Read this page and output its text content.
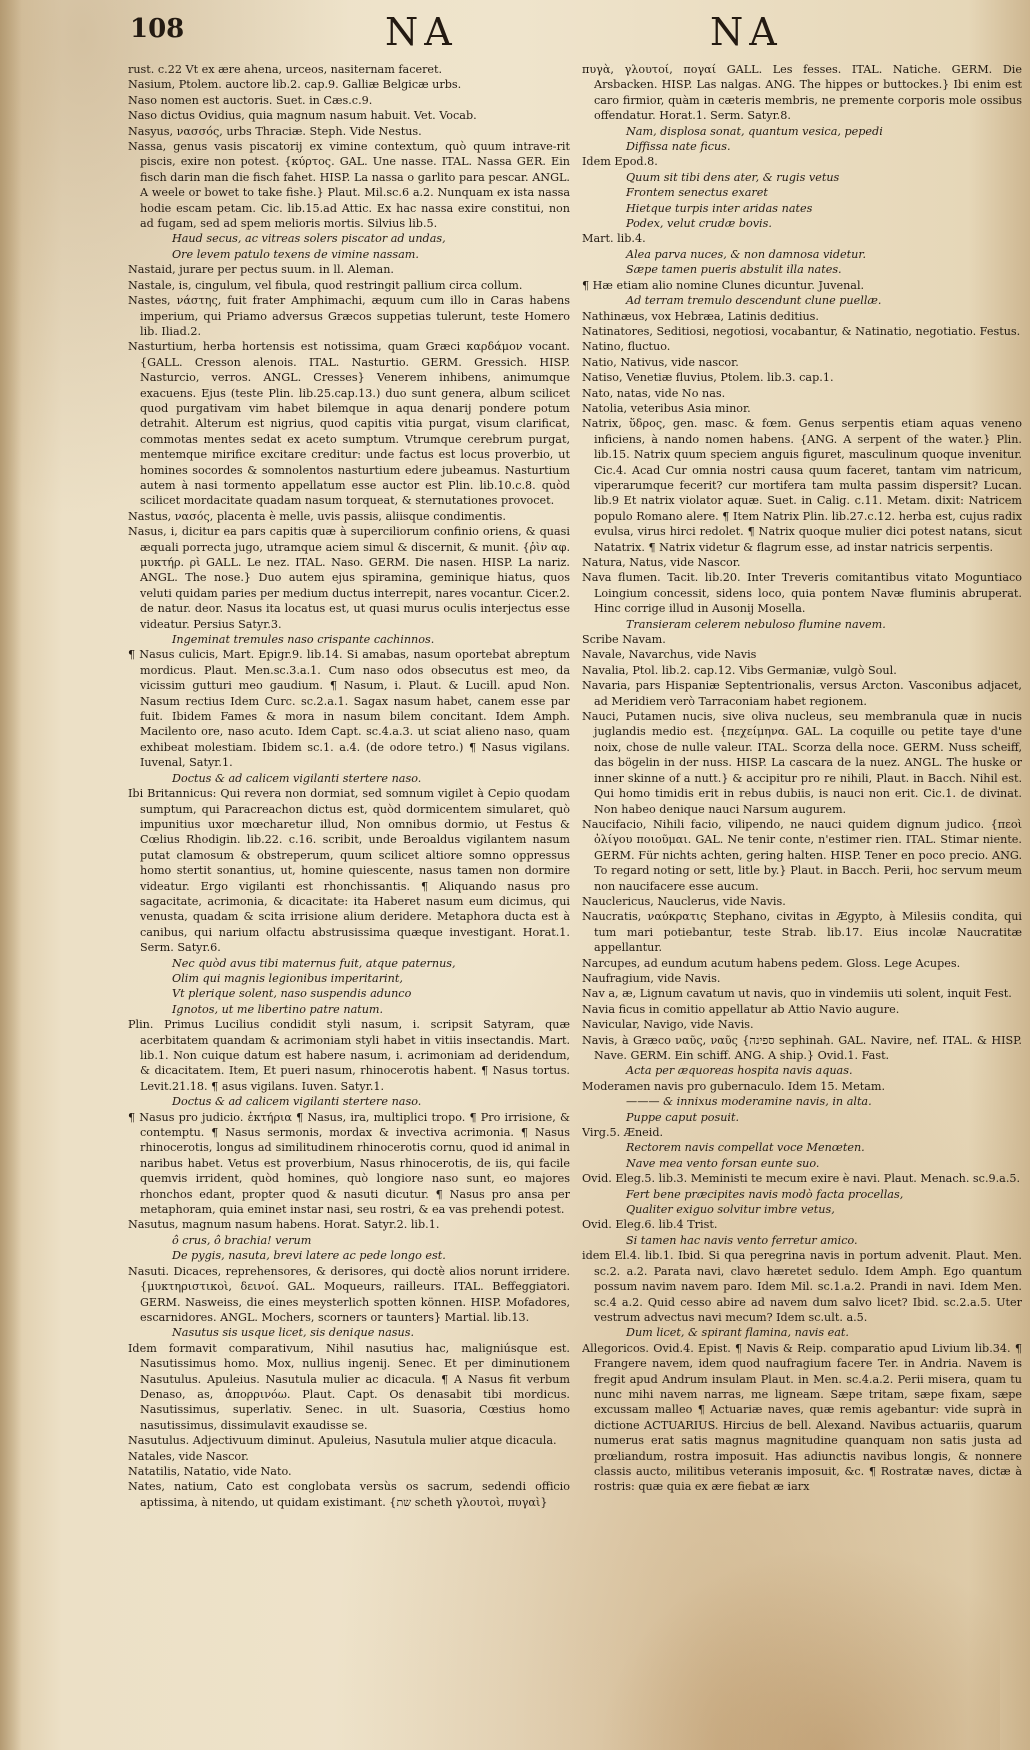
108	NA	NA

rust. c.22 Vt ex ære ahena, urceos, nasiternam faceret.

Nasium, Ptolem. auctore lib.2. cap.9. Galliæ Belgicæ urbs.

Naso nomen est auctoris. Suet. in Cæs.c.9.

Naso dictus Ovidius, quia magnum nasum habuit. Vet. Vocab.

Nasyus, νασσός, urbs Thraciæ. Steph. Vide Nestus.

Nassa, genus vasis piscatorij ex vimine contextum, quò quum intrave-rit piscis, exire non potest. {κύρτος. GAL. Une nasse. ITAL. Nassa GER. Ein fisch darin man die fisch fahet. HISP. La nassa o garlito para pescar. ANGL. A weele or bowet to take fishe.} Plaut. Mil.sc.6 a.2. Nunquam ex ista nassa hodie escam petam. Cic. lib.15.ad Attic. Ex hac nassa exire constitui, non ad fugam, sed ad spem melioris mortis. Silvius lib.5.

Haud secus, ac vitreas solers piscator ad undas,

Ore levem patulo texens de vimine nassam.

Nastaid, jurare per pectus suum. in ll. Aleman.

Nastale, is, cingulum, vel fibula, quod restringit pallium circa collum.

Nastes, νάστης, fuit frater Amphimachi, æquum cum illo in Caras habens imperium, qui Priamo adversus Græcos suppetias tulerunt, teste Homero lib. Iliad.2.

Nasturtium, herba hortensis est notissima, quam Græci καρδάμον vocant. {GALL. Cresson alenois. ITAL. Nasturtio. GERM. Gressich. HISP. Nasturcio, verros. ANGL. Cresses} Venerem inhibens, animumque exacuens. Ejus (teste Plin. lib.25.cap.13.) duo sunt genera, album scilicet quod purgativam vim habet bilemque in aqua denarij pondere potum detrahit. Alterum est nigrius, quod capitis vitia purgat, visum clarificat, commotas mentes sedat ex aceto sumptum. Vtrumque cerebrum purgat, mentemque mirifice excitare creditur: unde factus est locus proverbio, ut homines socordes & somnolentos nasturtium edere jubeamus. Nasturtium autem à nasi tormento appellatum esse auctor est Plin. lib.10.c.8. quòd scilicet mordacitate quadam nasum torqueat, & sternutationes provocet.

Nastus, νασός, placenta è melle, uvis passis, aliisque condimentis.

Nasus, i, dicitur ea pars capitis quæ à superciliorum confinio oriens, & quasi æquali porrecta jugo, utramque aciem simul & discernit, & munit. {ῥὶν αφ. μυκτήρ. ρὶ GALL. Le nez. ITAL. Naso. GERM. Die nasen. HISP. La nariz. ANGL. The nose.} Duo autem ejus spiramina, geminique hiatus, quos veluti quidam paries per medium ductus interrepit, nares vocantur. Cicer.2. de natur. deor. Nasus ita locatus est, ut quasi murus oculis interjectus esse videatur. Persius Satyr.3.

Ingeminat tremules naso crispante cachinnos.

¶ Nasus culicis, Mart. Epigr.9. lib.14. Si amabas, nasum oportebat abreptum mordicus. Plaut. Men.sc.3.a.1. Cum naso odos obsecutus est meo, da vicissim gutturi meo gaudium. ¶ Nasum, i. Plaut. & Lucill. apud Non. Nasum rectius Idem Curc. sc.2.a.1. Sagax nasum habet, canem esse par fuit. Ibidem Fames & mora in nasum bilem concitant. Idem Amph. Macilento ore, naso acuto. Idem Capt. sc.4.a.3. ut sciat alieno naso, quam exhibeat molestiam. Ibidem sc.1. a.4. (de odore tetro.) ¶ Nasus vigilans. Iuvenal, Satyr.1.

Doctus & ad calicem vigilanti stertere naso.

Ibi Britannicus: Qui revera non dormiat, sed somnum vigilet à Cepio quodam sumptum, qui Paracreachon dictus est, quòd dormicentem simularet, quò impunitius uxor mœcharetur illud, Non omnibus dormio, ut Festus & Cœlius Rhodigin. lib.22. c.16. scribit, unde Beroaldus vigilantem nasum putat clamosum & obstreperum, quum scilicet altiore somno oppressus homo stertit sonantius, ut, homine quiescente, nasus tamen non dormire videatur. Ergo vigilanti est rhonchissantis. ¶ Aliquando nasus pro sagacitate, acrimonia, & dicacitate: ita Haberet nasum eum dicimus, qui venusta, quadam & scita irrisione alium deridere. Metaphora ducta est à canibus, qui narium olfactu abstrusissima quæque investigant. Horat.1. Serm. Satyr.6.

Nec quòd avus tibi maternus fuit, atque paternus,

Olim qui magnis legionibus imperitarint,

Vt plerique solent, naso suspendis adunco

Ignotos, ut me libertino patre natum.

Plin. Primus Lucilius condidit styli nasum, i. scripsit Satyram, quæ acerbitatem quandam & acrimoniam styli habet in vitiis insectandis. Mart. lib.1. Non cuique datum est habere nasum, i. acrimoniam ad deridendum, & dicacitatem. Item, Et pueri nasum, rhinocerotis habent. ¶ Nasus tortus. Levit.21.18. ¶ asus vigilans. Iuven. Satyr.1.

Doctus & ad calicem vigilanti stertere naso.

¶ Nasus pro judicio. ἐκτήρια ¶ Nasus, ira, multiplici tropo. ¶ Pro irrisione, & contemptu. ¶ Nasus sermonis, mordax & invectiva acrimonia. ¶ Nasus rhinocerotis, longus ad similitudinem rhinocerotis cornu, quod id animal in naribus habet. Vetus est proverbium, Nasus rhinocerotis, de iis, qui facile quemvis irrident, quòd homines, quò longiore naso sunt, eo majores rhonchos edant, propter quod & nasuti dicutur. ¶ Nasus pro ansa per metaphoram, quia eminet instar nasi, seu rostri, & ea vas prehendi potest.

Nasutus, magnum nasum habens. Horat. Satyr.2. lib.1.

ô crus, ô brachia! verum

De pygis, nasuta, brevi latere ac pede longo est.

Nasuti. Dicaces, reprehensores, & derisores, qui doctè alios norunt irridere. {μυκτηριστικοὶ, δεινοί. GAL. Moqueurs, railleurs. ITAL. Beffeggiatori. GERM. Nasweiss, die eines meysterlich spotten können. HISP. Mofadores, escarnidores. ANGL. Mochers, scorners or taunters} Martial. lib.13.

Nasutus sis usque licet, sis denique nasus.

Idem formavit comparativum, Nihil nasutius hac, maligniúsque est. Nasutissimus homo. Mox, nullius ingenij. Senec. Et per diminutionem Nasutulus. Apuleius. Nasutula mulier ac dicacula. ¶ A Nasus fit verbum Denaso, as, ἀπορρινόω. Plaut. Capt. Os denasabit tibi mordicus. Nasutissimus, superlativ. Senec. in ult. Suasoria, Cœstius homo nasutissimus, dissimulavit exaudisse se.

Nasutulus. Adjectivuum diminut. Apuleius, Nasutula mulier atque dicacula.

Natales, vide Nascor.

Natatilis, Natatio, vide Nato.

Nates, natium, Cato est conglobata versùs os sacrum, sedendi officio aptissima, à nitendo, ut quidam existimant. {שת scheth γλουτοὶ, πυγαὶ}

πυγὰ, γλουτοί, πογαί GALL. Les fesses. ITAL. Natiche. GERM. Die Arsbacken. HISP. Las nalgas. ANG. The hippes or buttockes.} Ibi enim est caro firmior, quàm in cæteris membris, ne premente corporis mole ossibus offendatur. Horat.1. Serm. Satyr.8.

Nam, displosa sonat, quantum vesica, pepedi

Diffissa nate ficus.

Idem Epod.8.

Quum sit tibi dens ater, & rugis vetus

Frontem senectus exaret

Hietque turpis inter aridas nates

Podex, velut crudæ bovis.

Mart. lib.4.

Alea parva nuces, & non damnosa videtur.

Sæpe tamen pueris abstulit illa nates.

¶ Hæ etiam alio nomine Clunes dicuntur. Juvenal.

Ad terram tremulo descendunt clune puellæ.

Nathinæus, vox Hebræa, Latinis deditius.

Natinatores, Seditiosi, negotiosi, vocabantur, & Natinatio, negotiatio. Festus.

Natino, fluctuo.

Natio, Nativus, vide nascor.

Natiso, Venetiæ fluvius, Ptolem. lib.3. cap.1.

Nato, natas, vide No nas.

Natolia, veteribus Asia minor.

Natrix, ὕδρος, gen. masc. & fœm. Genus serpentis etiam aquas veneno inficiens, à nando nomen habens. {ANG. A serpent of the water.} Plin. lib.15. Natrix quum speciem anguis figuret, masculinum quoque invenitur. Cic.4. Acad Cur omnia nostri causa quum faceret, tantam vim natricum, viperarumque fecerit? cur mortifera tam multa passim dispersit? Lucan. lib.9 Et natrix violator aquæ. Suet. in Calig. c.11. Metam. dixit: Natricem populo Romano alere. ¶ Item Natrix Plin. lib.27.c.12. herba est, cujus radix evulsa, virus hirci redolet. ¶ Natrix quoque mulier dici potest natans, sicut Natatrix. ¶ Natrix videtur & flagrum esse, ad instar natricis serpentis.

Natura, Natus, vide Nascor.

Nava flumen. Tacit. lib.20. Inter Treveris comitantibus vitato Moguntiaco Loingium concessit, sidens loco, quia pontem Navæ fluminis abruperat. Hinc corrige illud in Ausonij Mosella.

Transieram celerem nebuloso flumine navem.

Scribe Navam.

Navale, Navarchus, vide Navis

Navalia, Ptol. lib.2. cap.12. Vibs Germaniæ, vulgò Soul.

Navaria, pars Hispaniæ Septentrionalis, versus Arcton. Vasconibus adjacet, ad Meridiem verò Tarraconiam habet regionem.

Nauci, Putamen nucis, sive oliva nucleus, seu membranula quæ in nucis juglandis medio est. {πεχείμηνα. GAL. La coquille ou petite taye d'une noix, chose de nulle valeur. ITAL. Scorza della noce. GERM. Nuss scheiff, das bögelin in der nuss. HISP. La cascara de la nuez. ANGL. The huske or inner skinne of a nutt.} & accipitur pro re nihili, Plaut. in Bacch. Nihil est. Qui homo timidis erit in rebus dubiis, is nauci non erit. Cic.1. de divinat. Non habeo denique nauci Narsum augurem.

Naucifacio, Nihili facio, vilipendo, ne nauci quidem dignum judico. {πεοὶ ὀλίγου ποιοῦμαι. GAL. Ne tenir conte, n'estimer rien. ITAL. Stimar niente. GERM. Für nichts achten, gering halten. HISP. Tener en poco precio. ANG. To regard noting or sett, litle by.} Plaut. in Bacch. Perii, hoc servum meum non naucifacere esse aucum.

Nauclericus, Nauclerus, vide Navis.

Naucratis, ναύκρατις Stephano, civitas in Ægypto, à Milesiis condita, qui tum mari potiebantur, teste Strab. lib.17. Eius incolæ Naucratitæ appellantur.

Narcupes, ad eundum acutum habens pedem. Gloss. Lege Acupes.

Naufragium, vide Navis.

Nav a, æ, Lignum cavatum ut navis, quo in vindemiis uti solent, inquit Fest.

Navia ficus in comitio appellatur ab Attio Navio augure.

Navicular, Navigo, vide Navis.

Navis, à Græco ναῦς, ναῦς {ספינה sephinah. GAL. Navire, nef. ITAL. & HISP. Nave. GERM. Ein schiff. ANG. A ship.} Ovid.1. Fast.

Acta per æquoreas hospita navis aquas.

Moderamen navis pro gubernaculo. Idem 15. Metam.

——— & innixus moderamine navis, in alta.

Puppe caput posuit.

Virg.5. Æneid.

Rectorem navis compellat voce Menœten.

Nave mea vento forsan eunte suo.

Ovid. Eleg.5. lib.3. Meministi te mecum exire è navi. Plaut. Menach. sc.9.a.5.

Fert bene præcipites navis modò facta procellas,

Qualiter exiguo solvitur imbre vetus,

Ovid. Eleg.6. lib.4 Trist.

Si tamen hac navis vento ferretur amico.

idem El.4. lib.1. Ibid. Si qua peregrina navis in portum advenit. Plaut. Men. sc.2. a.2. Parata navi, clavo hæretet sedulo. Idem Amph. Ego quantum possum navim navem paro. Idem Mil. sc.1.a.2. Prandi in navi. Idem Men. sc.4 a.2. Quid cesso abire ad navem dum salvo licet? Ibid. sc.2.a.5. Uter vestrum advectus navi mecum? Idem sc.ult. a.5.

Dum licet, & spirant flamina, navis eat.

Allegoricos. Ovid.4. Epist. ¶ Navis & Reip. comparatio apud Livium lib.34. ¶ Frangere navem, idem quod naufragium facere Ter. in Andria. Navem is fregit apud Andrum insulam Plaut. in Men. sc.4.a.2. Perii misera, quam tu nunc mihi navem narras, me ligneam. Sæpe tritam, sæpe fixam, sæpe excussam malleo ¶ Actuariæ naves, quæ remis agebantur: vide suprà in dictione ACTUARIUS. Hircius de bell. Alexand. Navibus actuariis, quarum numerus erat satis magnus magnitudine quanquam non satis justa ad prœliandum, rostra imposuit. Has adiunctis navibus longis, & nonnere classis aucto, militibus veteranis imposuit, &c. ¶ Rostratæ naves, dictæ à rostris: quæ quia ex ære fiebat æ iarx
